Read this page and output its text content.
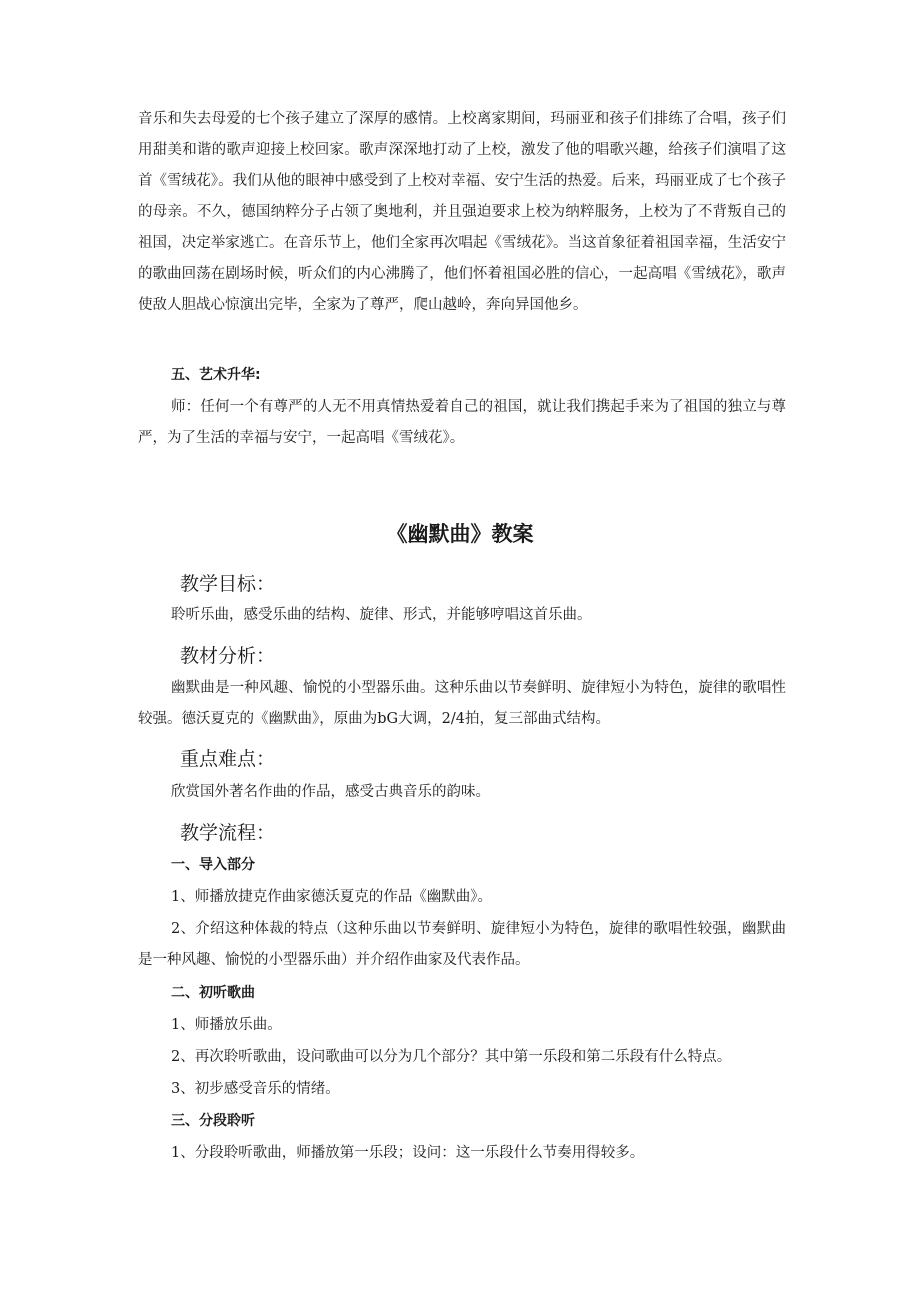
音乐和失去母爱的七个孩子建立了深厚的感情。上校离家期间，玛丽亚和孩子们排练了合唱，孩子们用甜美和谐的歌声迎接上校回家。歌声深深地打动了上校，激发了他的唱歌兴趣，给孩子们演唱了这首《雪绒花》。我们从他的眼神中感受到了上校对幸福、安宁生活的热爱。后来，玛丽亚成了七个孩子的母亲。不久，德国纳粹分子占领了奥地利，并且强迫要求上校为纳粹服务，上校为了不背叛自己的祖国，决定举家逃亡。在音乐节上，他们全家再次唱起《雪绒花》。当这首象征着祖国幸福，生活安宁的歌曲回荡在剧场时候，听众们的内心沸腾了，他们怀着祖国必胜的信心，一起高唱《雪绒花》，歌声使敌人胆战心惊演出完毕，全家为了尊严，爬山越岭，奔向异国他乡。

五、艺术升华:

师：任何一个有尊严的人无不用真情热爱着自己的祖国，就让我们携起手来为了祖国的独立与尊严，为了生活的幸福与安宁，一起高唱《雪绒花》。

《幽默曲》教案
教学目标：

聆听乐曲，感受乐曲的结构、旋律、形式，并能够哼唱这首乐曲。

教材分析：

幽默曲是一种风趣、愉悦的小型器乐曲。这种乐曲以节奏鲜明、旋律短小为特色，旋律的歌唱性较强。德沃夏克的《幽默曲》，原曲为bG大调，2/4拍，复三部曲式结构。

重点难点：

欣赏国外著名作曲的作品，感受古典音乐的韵味。

教学流程：

一、导入部分

1、师播放捷克作曲家德沃夏克的作品《幽默曲》。

2、介绍这种体裁的特点（这种乐曲以节奏鲜明、旋律短小为特色，旋律的歌唱性较强，幽默曲是一种风趣、愉悦的小型器乐曲）并介绍作曲家及代表作品。

二、初听歌曲

1、师播放乐曲。

2、再次聆听歌曲，设问歌曲可以分为几个部分？其中第一乐段和第二乐段有什么特点。

3、初步感受音乐的情绪。

三、分段聆听

1、分段聆听歌曲，师播放第一乐段；设问：这一乐段什么节奏用得较多。
